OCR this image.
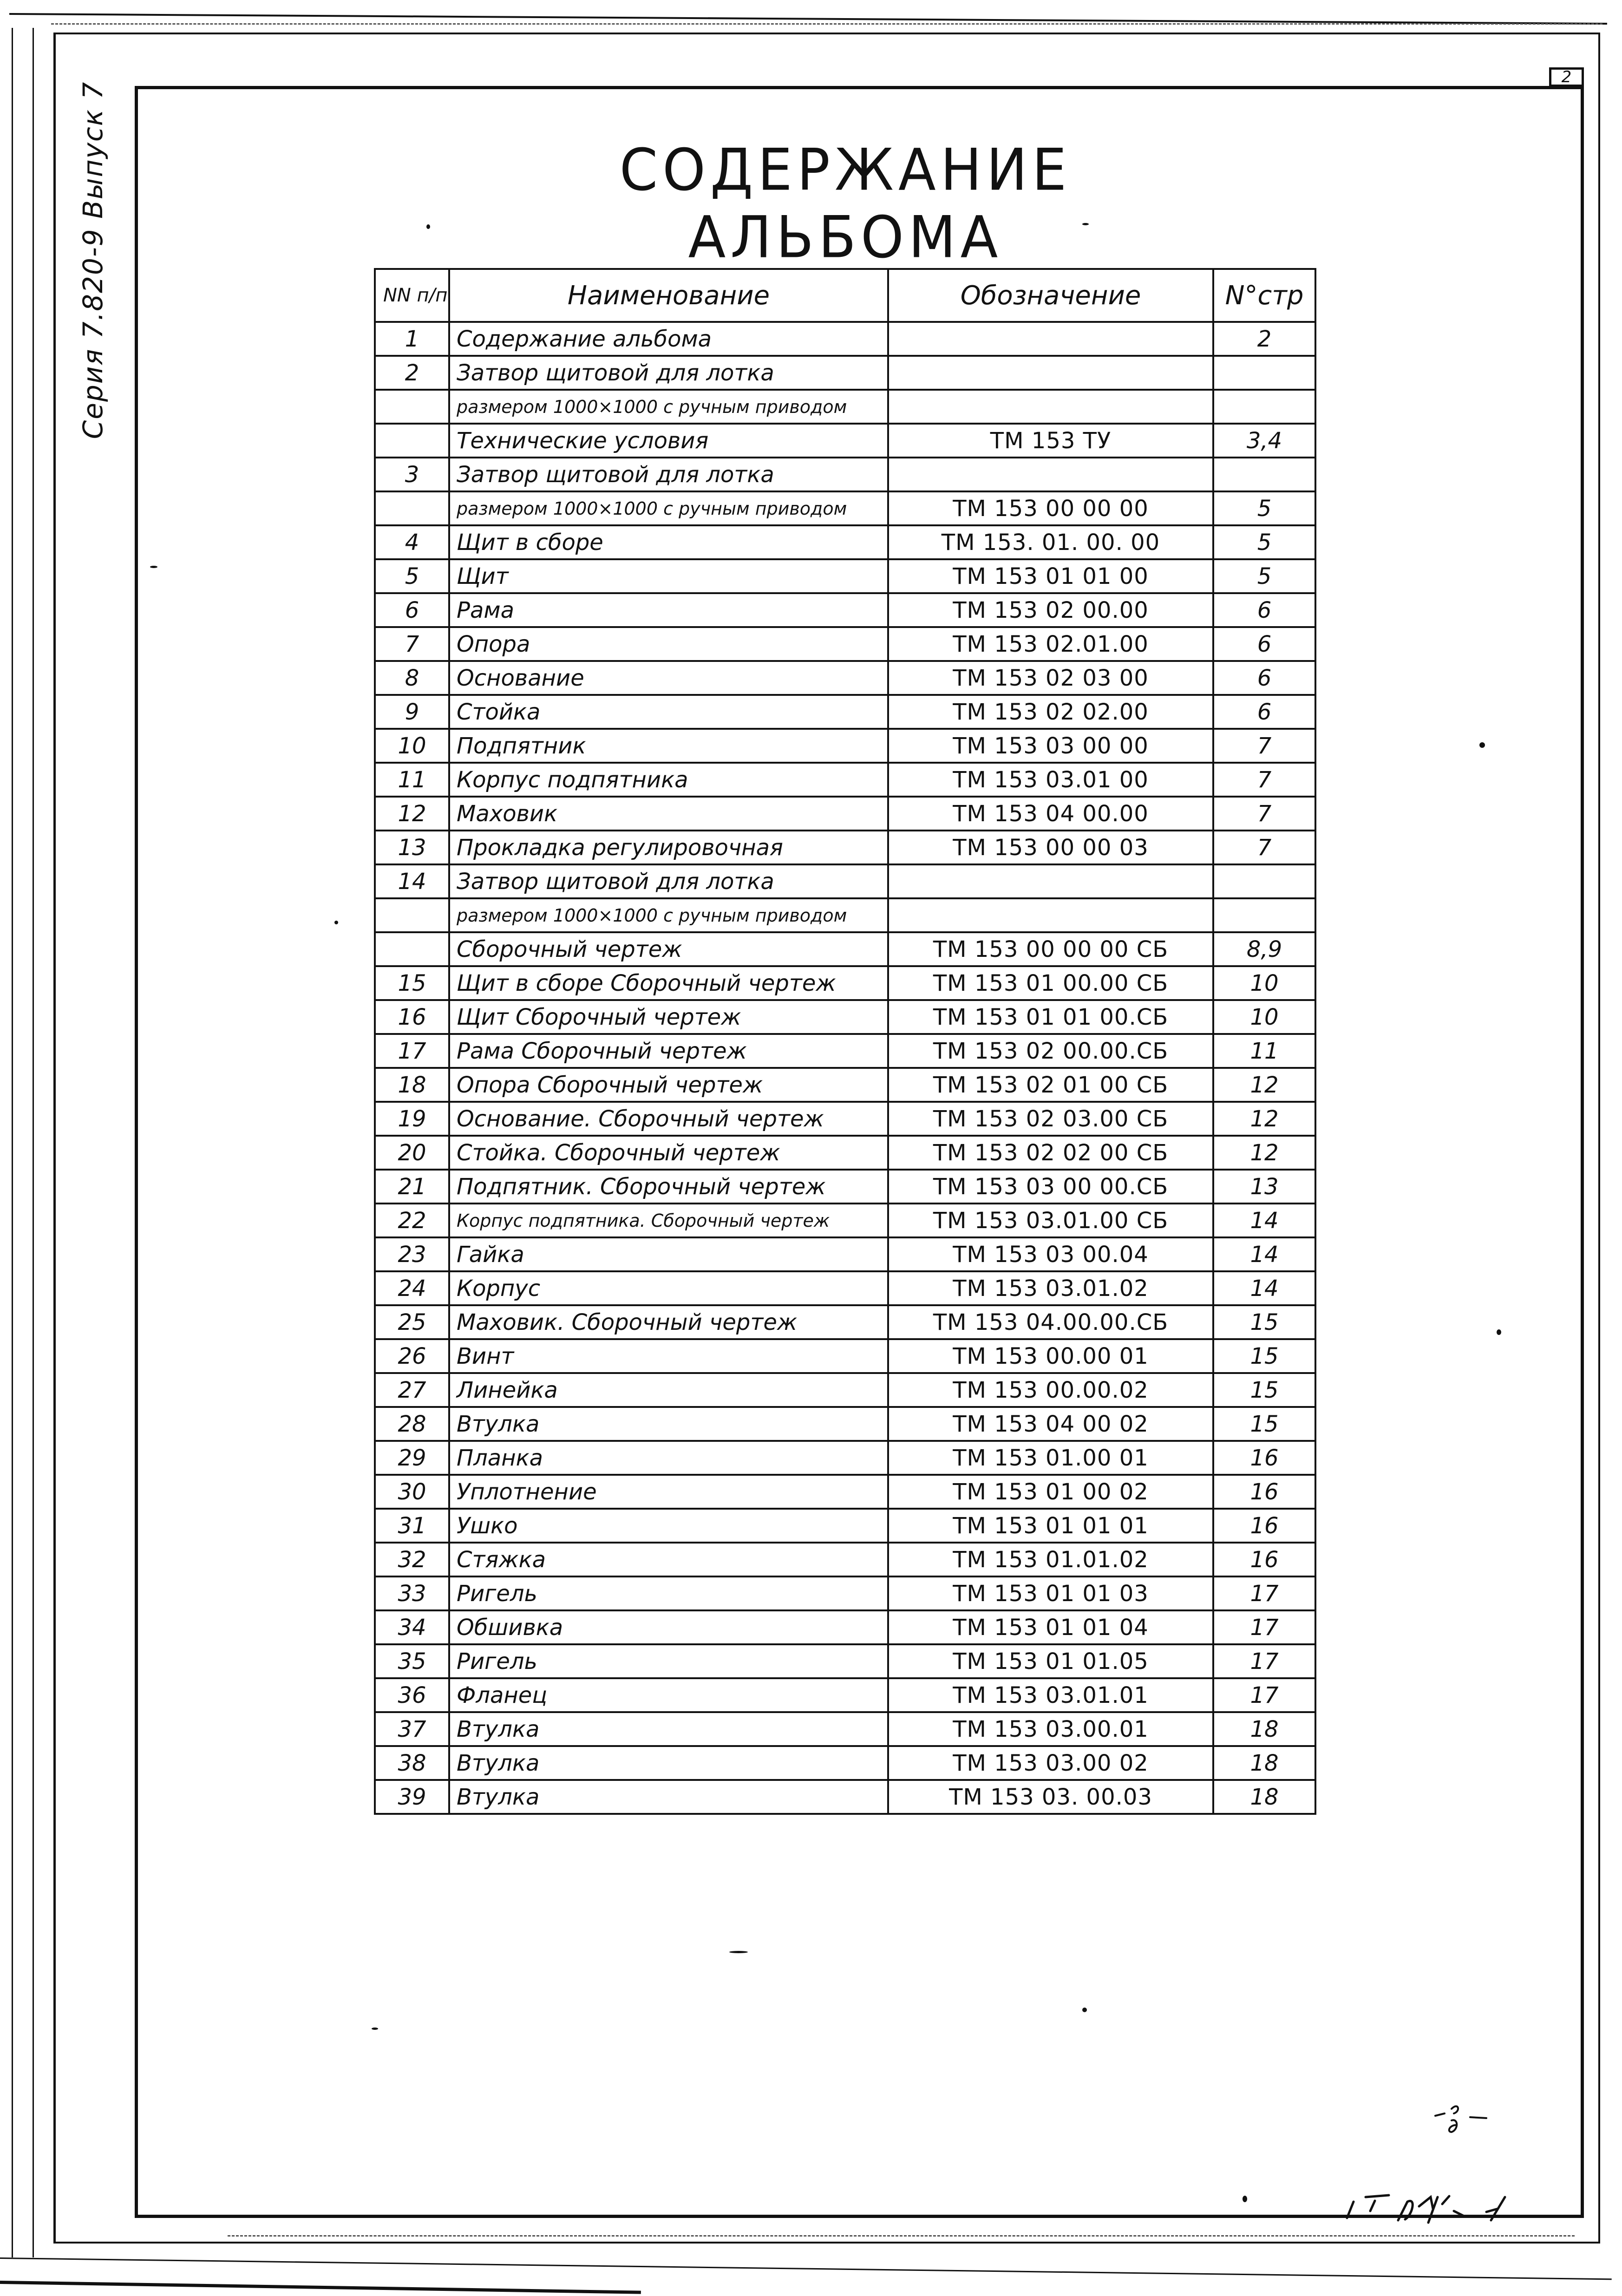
2
Серия 7.820-9 Выпуск 7	СОДЕРЖАНИЕ АЛЬБОМА
NN п/п	Наименование	Обозначение	N°стр
1	Содержание альбома		2
2	Затвор щитовой для лотка		
	размером 1000×1000 с ручным приводом		
	Технические условия	ТМ 153 ТУ	3,4
3	Затвор щитовой для лотка		
	размером 1000×1000 с ручным приводом	ТМ 153 00 00 00	5
4	Щит в сборе	ТМ 153. 01. 00. 00	5
5	Щит	ТМ 153 01 01 00	5
6	Рама	ТМ 153 02 00.00	6
7	Опора	ТМ 153 02.01.00	6
8	Основание	ТМ 153 02 03 00	6
9	Стойка	ТМ 153 02 02.00	6
10	Подпятник	ТМ 153 03 00 00	7
11	Корпус подпятника	ТМ 153 03.01 00	7
12	Маховик	ТМ 153 04 00.00	7
13	Прокладка регулировочная	ТМ 153 00 00 03	7
14	Затвор щитовой для лотка		
	размером 1000×1000 с ручным приводом		
	Сборочный чертеж	ТМ 153 00 00 00 СБ	8,9
15	Щит в сборе Сборочный чертеж	ТМ 153 01 00.00 СБ	10
16	Щит Сборочный чертеж	ТМ 153 01 01 00.СБ	10
17	Рама Сборочный чертеж	ТМ 153 02 00.00.СБ	11
18	Опора Сборочный чертеж	ТМ 153 02 01 00 СБ	12
19	Основание. Сборочный чертеж	ТМ 153 02 03.00 СБ	12
20	Стойка. Сборочный чертеж	ТМ 153 02 02 00 СБ	12
21	Подпятник. Сборочный чертеж	ТМ 153 03 00 00.СБ	13
22	Корпус подпятника. Сборочный чертеж	ТМ 153 03.01.00 СБ	14
23	Гайка	ТМ 153 03 00.04	14
24	Корпус	ТМ 153 03.01.02	14
25	Маховик. Сборочный чертеж	ТМ 153 04.00.00.СБ	15
26	Винт	ТМ 153 00.00 01	15
27	Линейка	ТМ 153 00.00.02	15
28	Втулка	ТМ 153 04 00 02	15
29	Планка	ТМ 153 01.00 01	16
30	Уплотнение	ТМ 153 01 00 02	16
31	Ушко	ТМ 153 01 01 01	16
32	Стяжка	ТМ 153 01.01.02	16
33	Ригель	ТМ 153 01 01 03	17
34	Обшивка	ТМ 153 01 01 04	17
35	Ригель	ТМ 153 01 01.05	17
36	Фланец	ТМ 153 03.01.01	17
37	Втулка	ТМ 153 03.00.01	18
38	Втулка	ТМ 153 03.00 02	18
39	Втулка	ТМ 153 03. 00.03	18
